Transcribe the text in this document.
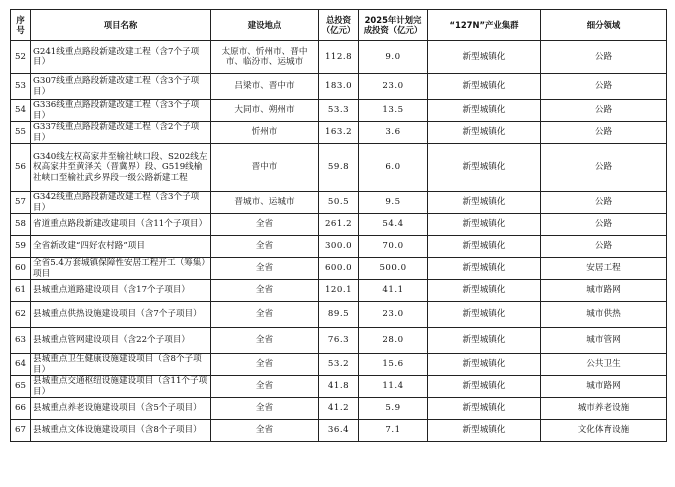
序号	项目名称	建设地点	总投资（亿元）	2025年计划完成投资（亿元）	“127N”产业集群	细分领域
52	G241线重点路段新建改建工程（含7个子项目）	太原市、忻州市、晋中市、临汾市、运城市	112.8	9.0	新型城镇化	公路
53	G307线重点路段新建改建工程（含3个子项目）	吕梁市、晋中市	183.0	23.0	新型城镇化	公路
54	G336线重点路段新建改建工程（含3个子项目）	大同市、朔州市	53.3	13.5	新型城镇化	公路
55	G337线重点路段新建改建工程（含2个子项目）	忻州市	163.2	3.6	新型城镇化	公路
56	G340线左权高家井至榆社峡口段、S202线左权高家井至黄泽关（晋冀界）段、G519线榆社峡口至榆社武乡界段一级公路新建工程	晋中市	59.8	6.0	新型城镇化	公路
57	G342线重点路段新建改建工程（含3个子项目）	晋城市、运城市	50.5	9.5	新型城镇化	公路
58	省道重点路段新建改建项目（含11个子项目）	全省	261.2	54.4	新型城镇化	公路
59	全省新改建“四好农村路”项目	全省	300.0	70.0	新型城镇化	公路
60	全省5.4万套城镇保障性安居工程开工（筹集）项目	全省	600.0	500.0	新型城镇化	安居工程
61	县城重点道路建设项目（含17个子项目）	全省	120.1	41.1	新型城镇化	城市路网
62	县城重点供热设施建设项目（含7个子项目）	全省	89.5	23.0	新型城镇化	城市供热
63	县城重点管网建设项目（含22个子项目）	全省	76.3	28.0	新型城镇化	城市管网
64	县城重点卫生健康设施建设项目（含8个子项目）	全省	53.2	15.6	新型城镇化	公共卫生
65	县城重点交通枢纽设施建设项目（含11个子项目）	全省	41.8	11.4	新型城镇化	城市路网
66	县城重点养老设施建设项目（含5个子项目）	全省	41.2	5.9	新型城镇化	城市养老设施
67	县城重点文体设施建设项目（含8个子项目）	全省	36.4	7.1	新型城镇化	文化体育设施
